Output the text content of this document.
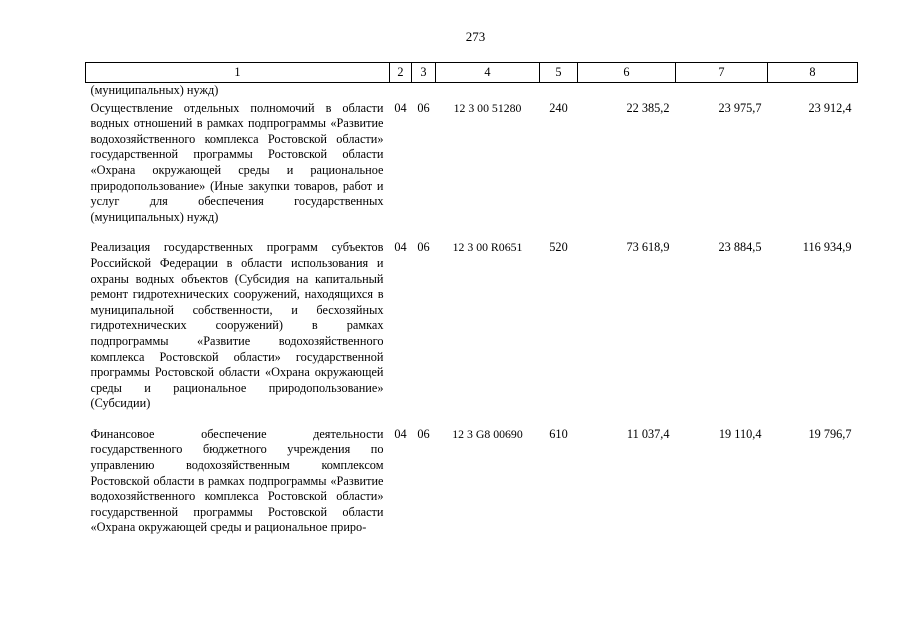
273
1	2	3	4	5	6	7	8
(муниципальных) нужд)							
Осуществление отдельных полномочий в области водных отношений в рамках подпрограммы «Развитие водохозяйственного комплекса Ростовской области» государственной программы Ростовской области «Охрана окружающей среды и рациональное природопользование» (Иные закупки товаров, работ и услуг для обеспечения государственных (муниципальных) нужд)	04	06	12 3 00 51280	240	22 385,2	23 975,7	23 912,4
Реализация государственных программ субъектов Российской Федерации в области использования и охраны водных объектов (Субсидия на капитальный ремонт гидротехнических сооружений, находящихся в муниципальной собственности, и бесхозяйных гидротехнических сооружений) в рамках подпрограммы «Развитие водохозяйственного комплекса Ростовской области» государственной программы Ростовской области «Охрана окружающей среды и рациональное природопользование» (Субсидии)	04	06	12 3 00 R0651	520	73 618,9	23 884,5	116 934,9
Финансовое обеспечение деятельности государственного бюджетного учреждения по управлению водохозяйственным комплексом Ростовской области в рамках подпрограммы «Развитие водохозяйственного комплекса Ростовской области» государственной программы Ростовской области «Охрана окружающей среды и рациональное приро-	04	06	12 3 G8 00690	610	11 037,4	19 110,4	19 796,7
